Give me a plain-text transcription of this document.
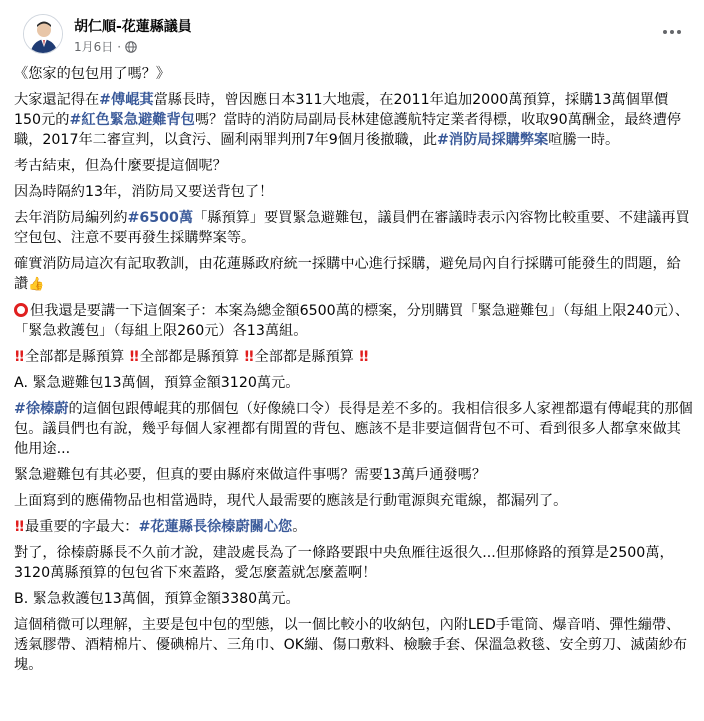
胡仁順-花蓮縣議員
1月6日 ·
《您家的包包用了嗎？》
大家還記得在#傅崐萁當縣長時，曾因應日本311大地震，在2011年追加2000萬預算，採購13萬個單價150元的#紅色緊急避難背包嗎？當時的消防局副局長林建億護航特定業者得標，收取90萬酬金，最終遭停職，2017年二審宣判，以貪污、圖利兩罪判刑7年9個月後撤職，此#消防局採購弊案喧騰一時。
考古結束，但為什麼要提這個呢？
因為時隔約13年，消防局又要送背包了！
去年消防局編列約#6500萬「縣預算」要買緊急避難包，議員們在審議時表示內容物比較重要、不建議再買空包包、注意不要再發生採購弊案等。
確實消防局這次有記取教訓，由花蓮縣政府統一採購中心進行採購，避免局內自行採購可能發生的問題，給讚👍
但我還是要講一下這個案子：本案為總金額6500萬的標案，分別購買「緊急避難包」（每組上限240元）、「緊急救護包」（每組上限260元）各13萬組。
!! 全部都是縣預算 !! 全部都是縣預算 !! 全部都是縣預算 !!
A. 緊急避難包13萬個，預算金額3120萬元。
#徐榛蔚的這個包跟傅崐萁的那個包（好像繞口令）長得是差不多的。我相信很多人家裡都還有傅崐萁的那個包。議員們也有說，幾乎每個人家裡都有閒置的背包、應該不是非要這個背包不可、看到很多人都拿來做其他用途...
緊急避難包有其必要，但真的要由縣府來做這件事嗎？需要13萬戶通發嗎？
上面寫到的應備物品也相當過時，現代人最需要的應該是行動電源與充電線，都漏列了。
!! 最重要的字最大：#花蓮縣長徐榛蔚關心您。
對了，徐榛蔚縣長不久前才說，建設處長為了一條路要跟中央魚雁往返很久...但那條路的預算是2500萬，3120萬縣預算的包包省下來蓋路，愛怎麼蓋就怎麼蓋啊！
B. 緊急救護包13萬個，預算金額3380萬元。
這個稍微可以理解，主要是包中包的型態，以一個比較小的收納包，內附LED手電筒、爆音哨、彈性繃帶、透氣膠帶、酒精棉片、優碘棉片、三角巾、OK繃、傷口敷料、檢驗手套、保溫急救毯、安全剪刀、滅菌紗布塊。
